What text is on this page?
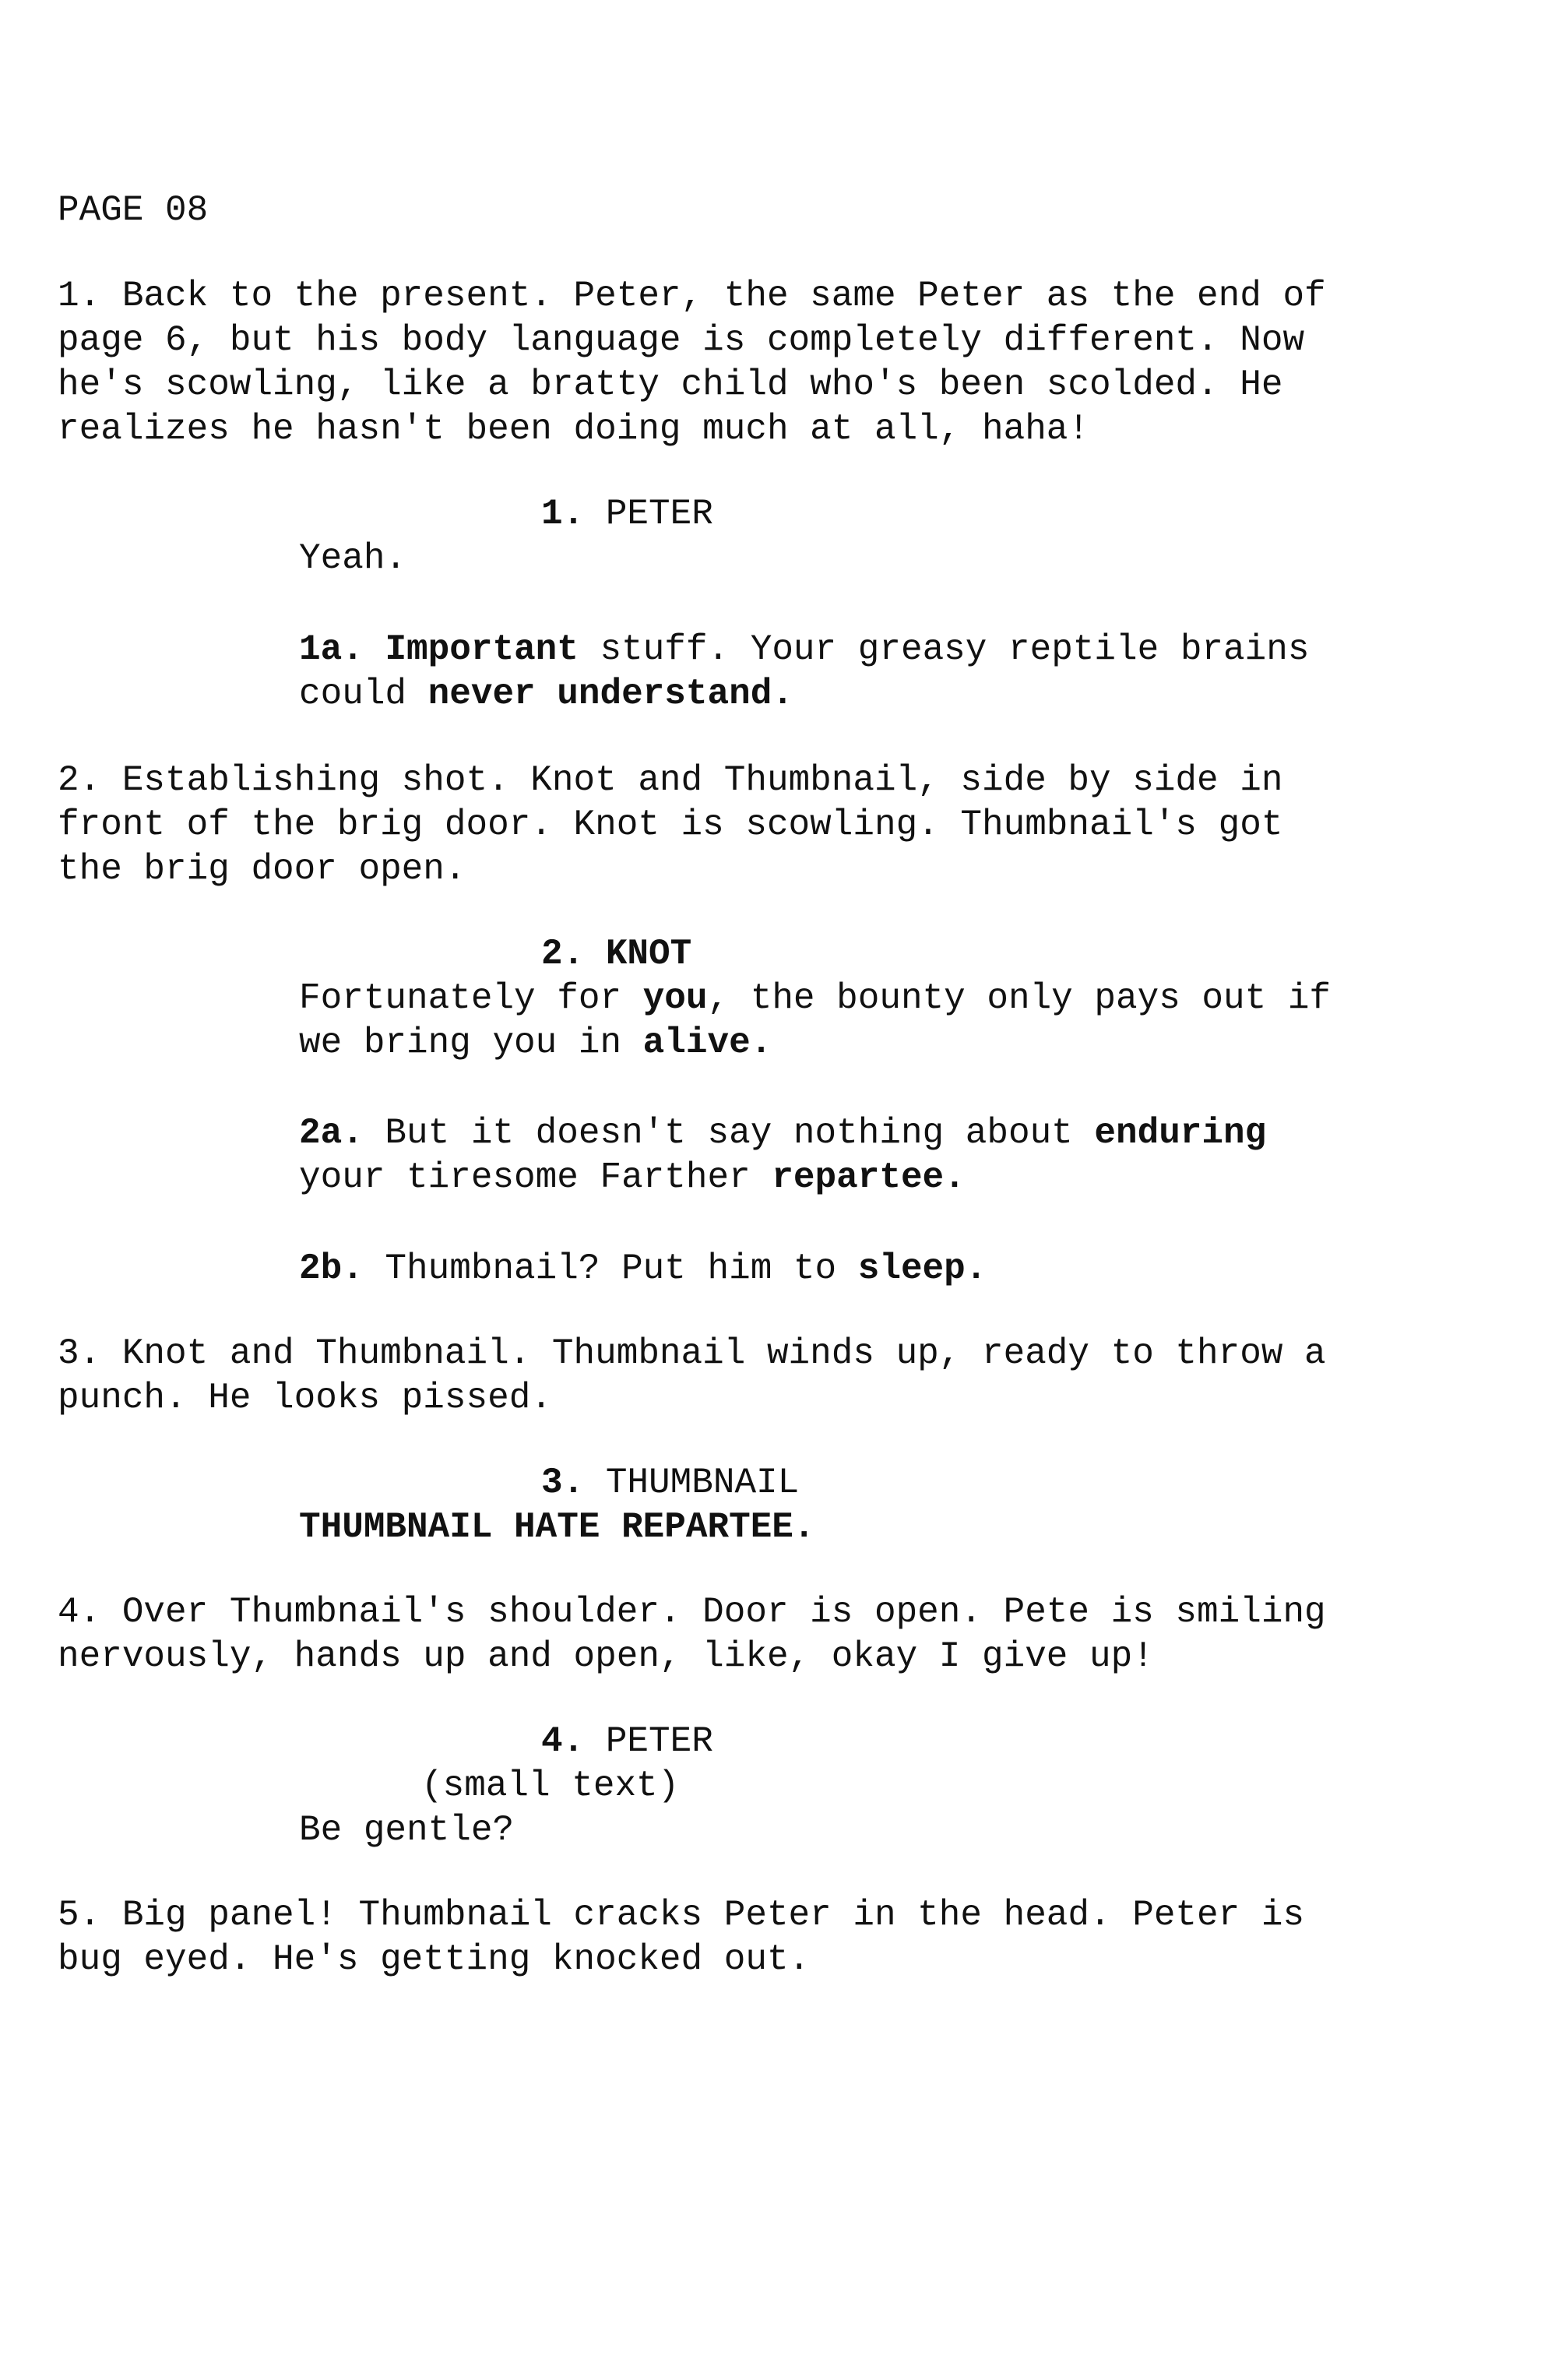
PAGE 08

1. Back to the present. Peter, the same Peter as the end of

page 6, but his body language is completely different. Now

he's scowling, like a bratty child who's been scolded. He

realizes he hasn't been doing much at all, haha!

1. PETER

Yeah.

1a. Important stuff. Your greasy reptile brains

could never understand.

2. Establishing shot. Knot and Thumbnail, side by side in

front of the brig door. Knot is scowling. Thumbnail's got

the brig door open.

2. KNOT

Fortunately for you, the bounty only pays out if

we bring you in alive.

2a. But it doesn't say nothing about enduring

your tiresome Farther repartee.

2b. Thumbnail? Put him to sleep.

3. Knot and Thumbnail. Thumbnail winds up, ready to throw a

punch. He looks pissed.

3. THUMBNAIL

THUMBNAIL HATE REPARTEE.

4. Over Thumbnail's shoulder. Door is open. Pete is smiling

nervously, hands up and open, like, okay I give up!

4. PETER

(small text)

Be gentle?

5. Big panel! Thumbnail cracks Peter in the head. Peter is

bug eyed. He's getting knocked out.
